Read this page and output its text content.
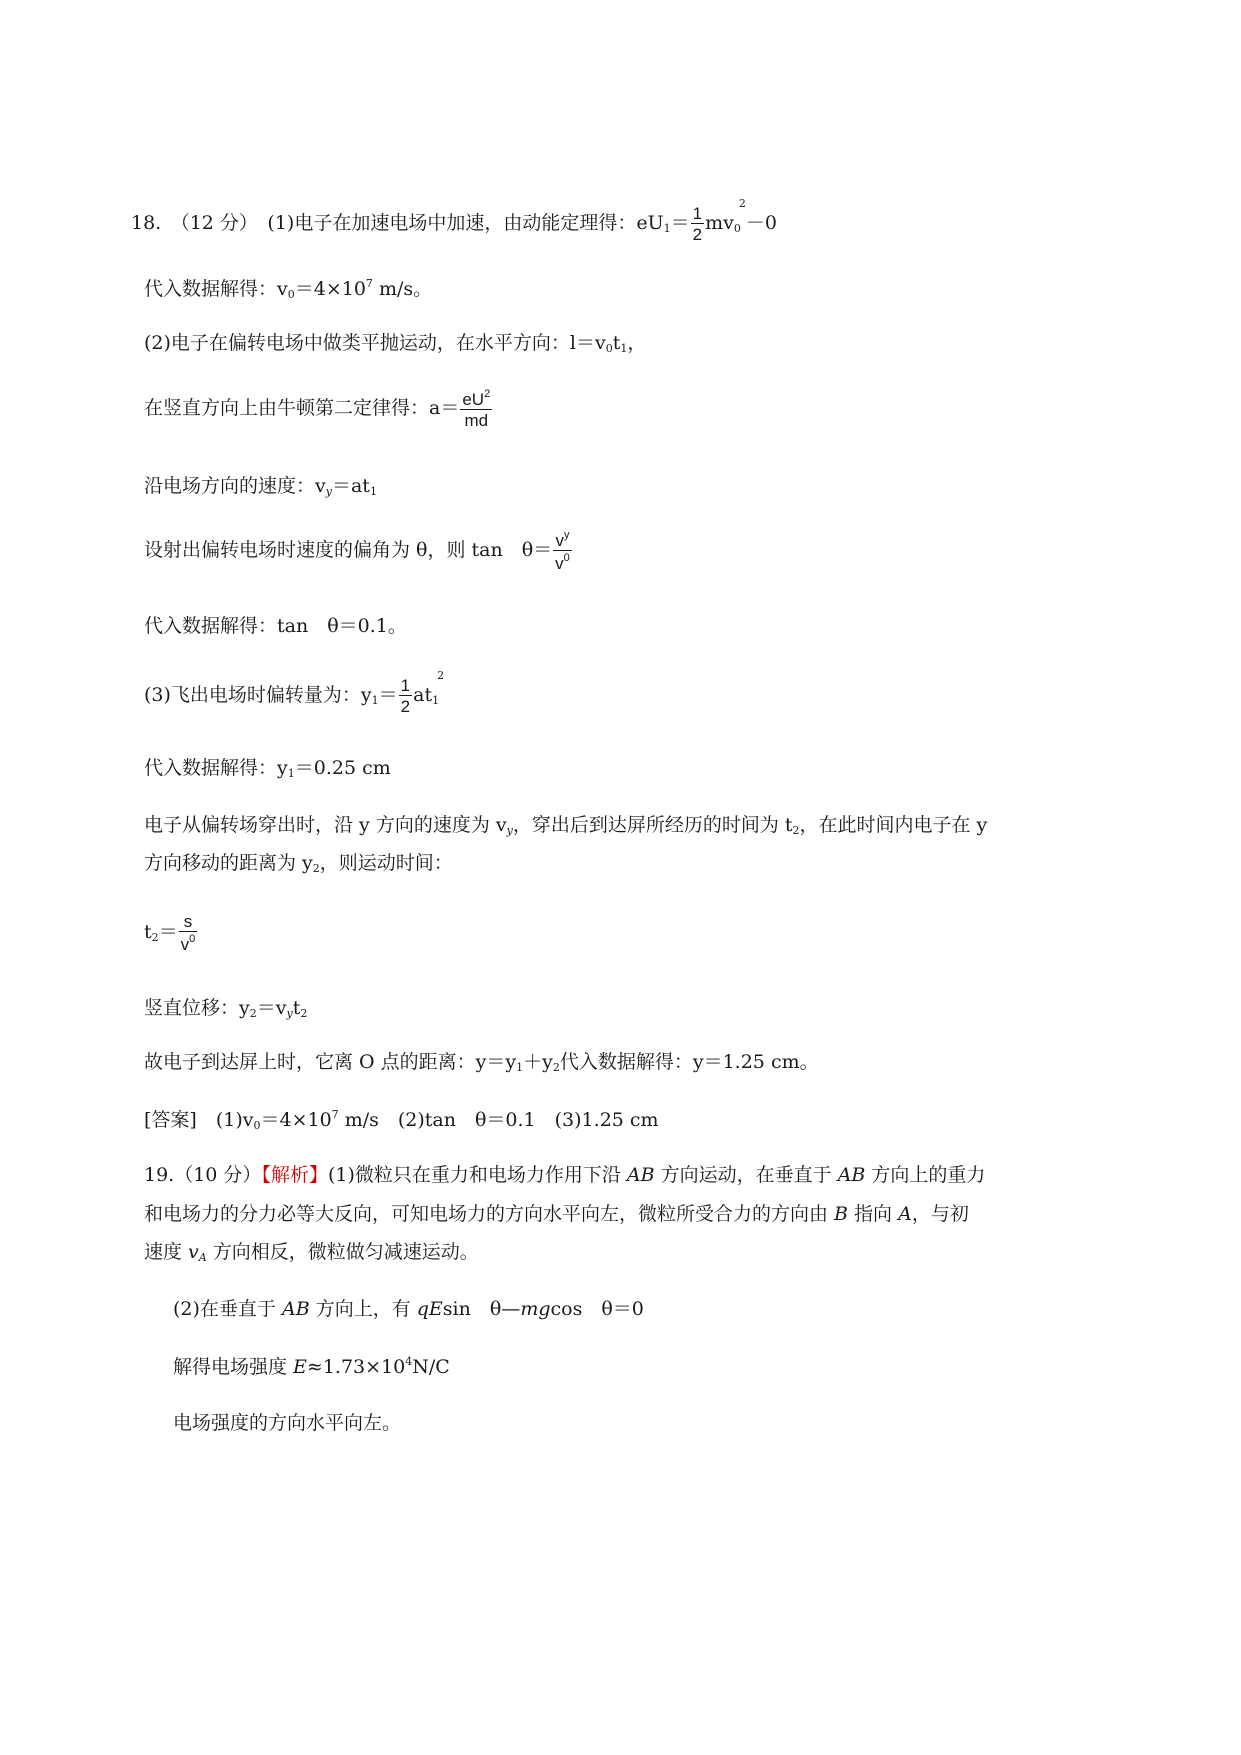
18.　（12 分）　(1)电子在加速电场中加速，由动能定理得：$eU_1= \frac{1}{2} mv_0^2-0$
代入数据解得：$v_0=4\times 10^7$ m/s。
(2)电子在偏转电场中做类平抛运动，在水平方向：$l=v_0t_1$，
在竖直方向上由牛顿第二定律得：$a= \frac{eU^2}{md}$
沿电场方向的速度：$v_y=at_1$
设射出偏转电场时速度的偏角为 θ，则 tan　$\theta= \frac{v^y}{v^0}$
代入数据解得：tan　θ＝0.1。
(3)飞出电场时偏转量为：$y_1= \frac{1}{2} at_1^2$
代入数据解得：$y_1=0.25$ cm
电子从偏转场穿出时，沿 y 方向的速度为 $v_y$，穿出后到达屏所经历的时间为 $t_2$，在此时间内电子在 y
方向移动的距离为 $y_2$，则运动时间：
$t_2= \frac{s}{v^0}$
竖直位移：$y_2=v_yt_2$
故电子到达屏上时，它离 O 点的距离：$y=y_1+y_2$代入数据解得：y＝1.25 cm。
[答案]　$(1)v_0=4\times 10^7$ m/s　(2)tan　θ＝0.1　(3)1.25 cm
19.（10 分）【解析】(1)微粒只在重力和电场力作用下沿 AB 方向运动，在垂直于 AB 方向上的重力
和电场力的分力必等大反向，可知电场力的方向水平向左，微粒所受合力的方向由 B 指向 A，与初
速度 $v_A$ 方向相反，微粒做匀减速运动。
(2)在垂直于 AB 方向上，有 qEsin　θ—mgcos　θ＝0
解得电场强度 $E\approx 1.73\times 10^4N/C$
电场强度的方向水平向左。
